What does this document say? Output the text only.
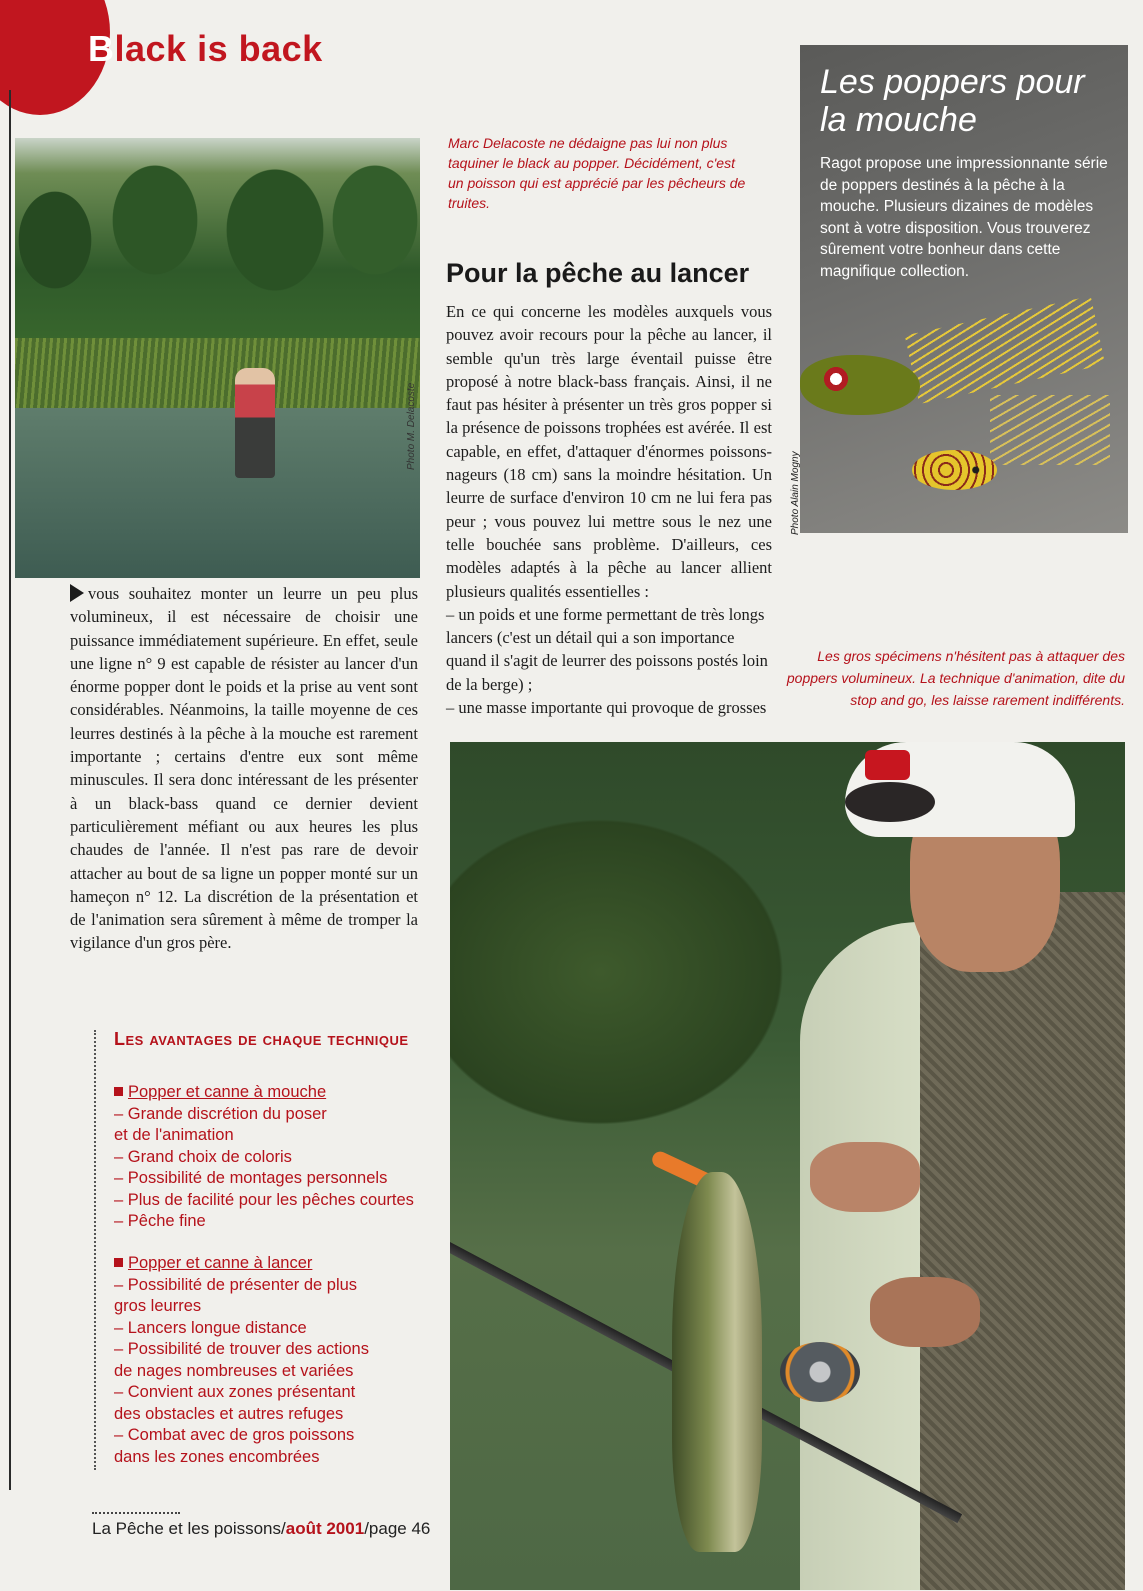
Black is back
Photo M. Delacoste
Marc Delacoste ne dédaigne pas lui non plus taquiner le black au popper. Décidément, c'est un poisson qui est apprécié par les pêcheurs de truites.
Pour la pêche au lancer

En ce qui concerne les modèles auxquels vous pouvez avoir recours pour la pêche au lancer, il semble qu'un très large éventail puisse être proposé à notre black-bass français. Ainsi, il ne faut pas hésiter à présenter un très gros popper si la présence de poissons trophées est avérée. Il est capable, en effet, d'attaquer d'énormes poissons-nageurs (18 cm) sans la moindre hésitation. Un leurre de surface d'environ 10 cm ne lui fera pas peur ; vous pouvez lui mettre sous le nez une telle bouchée sans problème. D'ailleurs, ces modèles adaptés à la pêche au lancer allient plusieurs qualités essentielles :

– un poids et une forme permettant de très longs lancers (c'est un détail qui a son importance quand il s'agit de leurrer des poissons postés loin de la berge) ;

– une masse importante qui provoque de grosses

Les poppers pour la mouche
Ragot propose une impressionnante série de poppers destinés à la pêche à la mouche. Plusieurs dizaines de modèles sont à votre disposition. Vous trouverez sûrement votre bonheur dans cette magnifique collection.
Photo Alain Mogny
Les gros spécimens n'hésitent pas à attaquer des poppers volumineux. La technique d'animation, dite du stop and go, les laisse rarement indifférents.

vous souhaitez monter un leurre un peu plus volumineux, il est nécessaire de choisir une puissance immédiatement supérieure. En effet, seule une ligne n° 9 est capable de résister au lancer d'un énorme popper dont le poids et la prise au vent sont considérables. Néanmoins, la taille moyenne de ces leurres destinés à la pêche à la mouche est rarement importante ; certains d'entre eux sont même minuscules. Il sera donc intéressant de les présenter à un black-bass quand ce dernier devient particulièrement méfiant ou aux heures les plus chaudes de l'année. Il n'est pas rare de devoir attacher au bout de sa ligne un popper monté sur un hameçon n° 12. La discrétion de la présentation et de l'animation sera sûrement à même de tromper la vigilance d'un gros père.

Les avantages de chaque technique
Popper et canne à mouche
– Grande discrétion du poser
et de l'animation
– Grand choix de coloris
– Possibilité de montages personnels
– Plus de facilité pour les pêches courtes
– Pêche fine
Popper et canne à lancer
– Possibilité de présenter de plus
gros leurres
– Lancers longue distance
– Possibilité de trouver des actions
de nages nombreuses et variées
– Convient aux zones présentant
des obstacles et autres refuges
– Combat avec de gros poissons
dans les zones encombrées
La Pêche et les poissons/août 2001/page 46
